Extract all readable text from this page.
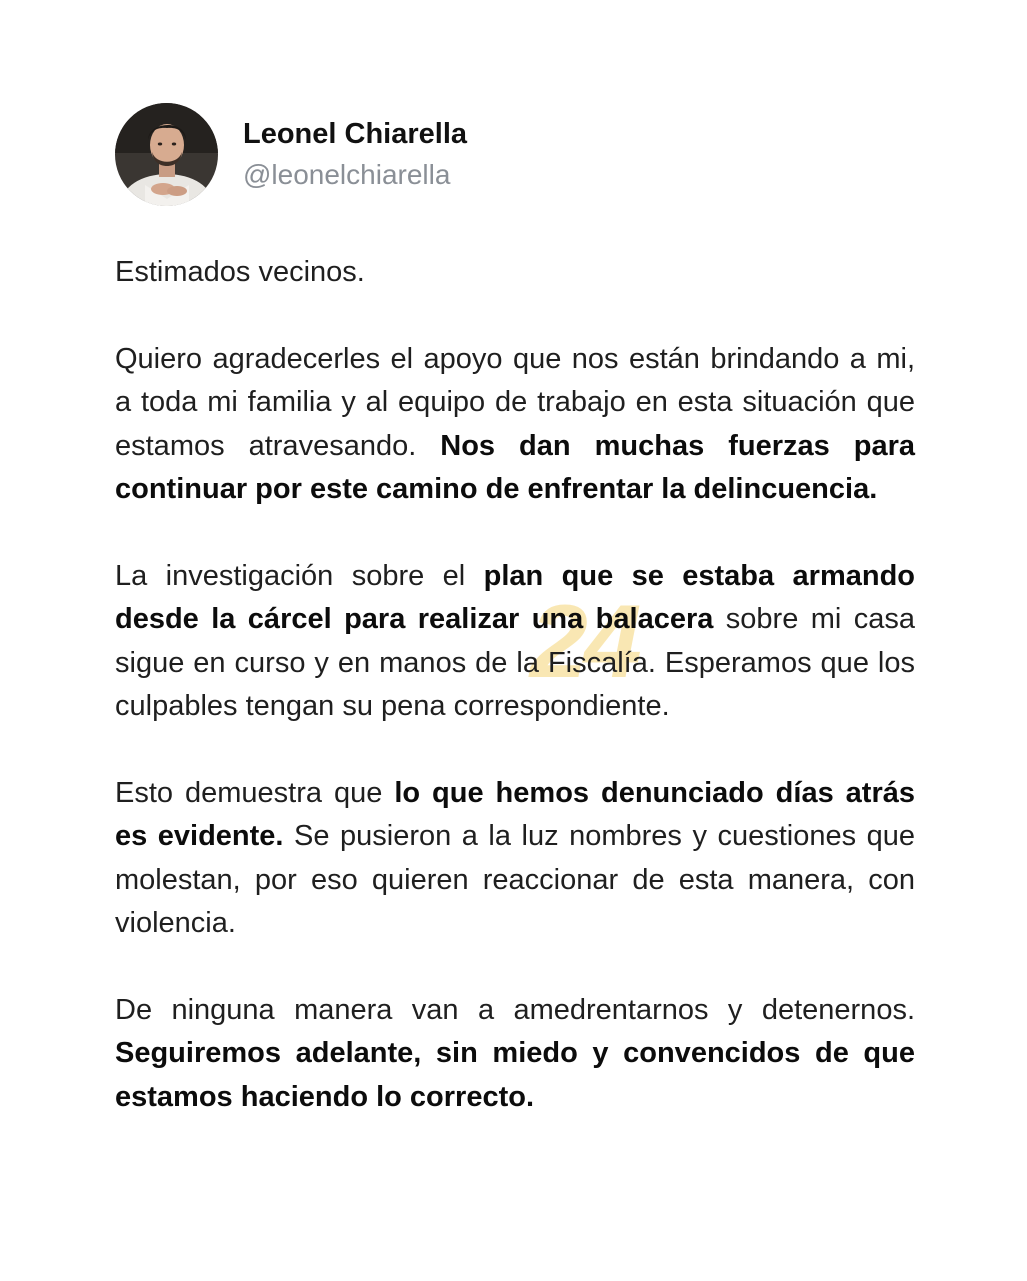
Leonel Chiarella
@leonelchiarella
24

Estimados vecinos.

Quiero agradecerles el apoyo que nos están brindando a mi, a toda mi familia y al equipo de trabajo en esta situación que estamos atravesando. Nos dan muchas fuerzas para continuar por este camino de enfrentar la delincuencia.

La investigación sobre el plan que se estaba armando desde la cárcel para realizar una balacera sobre mi casa sigue en curso y en manos de la Fiscalía. Esperamos que los culpables tengan su pena correspondiente.

Esto demuestra que lo que hemos denunciado días atrás es evidente. Se pusieron a la luz nombres y cuestiones que molestan, por eso quieren reaccionar de esta manera, con violencia.

De ninguna manera van a amedrentarnos y detenernos. Seguiremos adelante, sin miedo y convencidos de que estamos haciendo lo correcto.
